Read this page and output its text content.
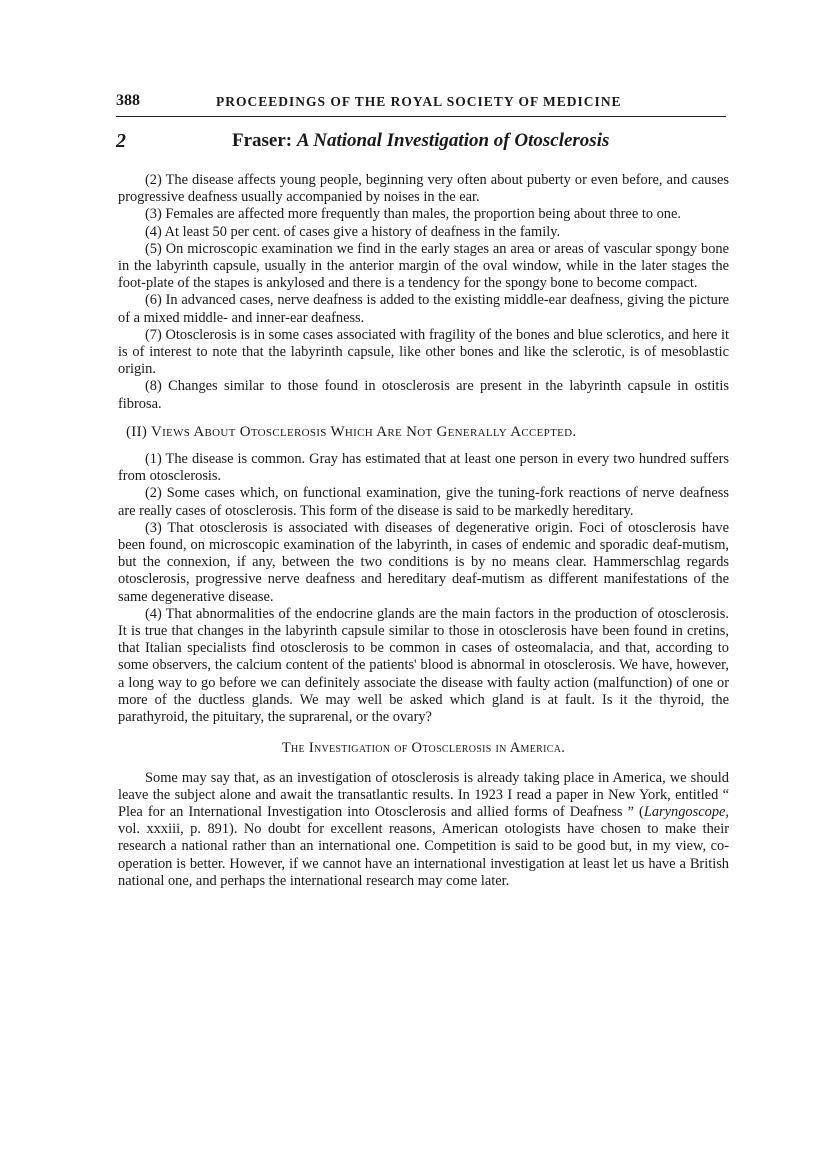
388	PROCEEDINGS OF THE ROYAL SOCIETY OF MEDICINE
2	Fraser: A National Investigation of Otosclerosis

(2) The disease affects young people, beginning very often about puberty or even before, and causes progressive deafness usually accompanied by noises in the ear.

(3) Females are affected more frequently than males, the proportion being about three to one.

(4) At least 50 per cent. of cases give a history of deafness in the family.

(5) On microscopic examination we find in the early stages an area or areas of vascular spongy bone in the labyrinth capsule, usually in the anterior margin of the oval window, while in the later stages the foot-plate of the stapes is ankylosed and there is a tendency for the spongy bone to become compact.

(6) In advanced cases, nerve deafness is added to the existing middle-ear deafness, giving the picture of a mixed middle- and inner-ear deafness.

(7) Otosclerosis is in some cases associated with fragility of the bones and blue sclerotics, and here it is of interest to note that the labyrinth capsule, like other bones and like the sclerotic, is of mesoblastic origin.

(8) Changes similar to those found in otosclerosis are present in the labyrinth capsule in ostitis fibrosa.

(II) Views About Otosclerosis Which Are Not Generally Accepted.

(1) The disease is common. Gray has estimated that at least one person in every two hundred suffers from otosclerosis.

(2) Some cases which, on functional examination, give the tuning-fork reactions of nerve deafness are really cases of otosclerosis. This form of the disease is said to be markedly hereditary.

(3) That otosclerosis is associated with diseases of degenerative origin. Foci of otosclerosis have been found, on microscopic examination of the labyrinth, in cases of endemic and sporadic deaf-mutism, but the connexion, if any, between the two conditions is by no means clear. Hammerschlag regards otosclerosis, progressive nerve deafness and hereditary deaf-mutism as different manifestations of the same degenerative disease.

(4) That abnormalities of the endocrine glands are the main factors in the production of otosclerosis. It is true that changes in the labyrinth capsule similar to those in otosclerosis have been found in cretins, that Italian specialists find otosclerosis to be common in cases of osteomalacia, and that, according to some observers, the calcium content of the patients' blood is abnormal in otosclerosis. We have, however, a long way to go before we can definitely associate the disease with faulty action (malfunction) of one or more of the ductless glands. We may well be asked which gland is at fault. Is it the thyroid, the parathyroid, the pituitary, the suprarenal, or the ovary?

The Investigation of Otosclerosis in America.

Some may say that, as an investigation of otosclerosis is already taking place in America, we should leave the subject alone and await the transatlantic results. In 1923 I read a paper in New York, entitled “ Plea for an International Investigation into Otosclerosis and allied forms of Deafness ” (Laryngoscope, vol. xxxiii, p. 891). No doubt for excellent reasons, American otologists have chosen to make their research a national rather than an international one. Competition is said to be good but, in my view, co-operation is better. However, if we cannot have an international investigation at least let us have a British national one, and perhaps the international research may come later.
